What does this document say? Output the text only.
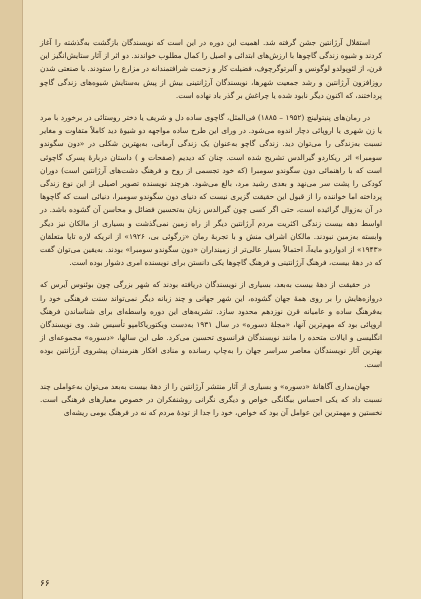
استقلال آرژانتین جشن گرفته شد. اهمیت این دوره در این است که نویسندگان بازگشت به‌گذشته را آغاز کردند و شیوه زندگی گاچوها با ارزش‌های ابتدائی و اصیل را کمال مطلوب خواندند. دو اثر از آثار ستایش‌انگیز این قرن، از لئوپولدو لوگونس و آلبرتوگرچوف، فضیلت کار و زحمت شرافتمندانه در مزارع را ستودند. با صنعتی شدن روزافزون آرژانتین و رشد جمعیت شهرها، نویسندگان آرژانتینی بیش از پیش به‌ستایش شیوه‌های زندگی گاچو پرداختند، که اکنون دیگر نابود شده یا چراغش بر گذر باد نهاده است.

در رمان‌های پنیتولینچ (۱۹۵۲ – ۱۸۸۵) فی‌المثل، گاچوی ساده دل و شریف یا دختر روستائی در برخورد با مرد یا زن شهری یا اروپائی دچار اندوه می‌شود. در ورای این طرح ساده مواجهه دو شیوهٔ دید کاملاً متفاوت و مغایر نسبت به‌زندگی را می‌توان دید. زندگی گاچو به‌عنوان یک زندگی آرمانی، به‌بهترین شکلی در «دون سگوندو سومبرا» اثر ریکاردو گیرالدس تشریح شده است. چنان که دیدیم (صفحات و ) داستان دربارهٔ پسرک گاچوئی است که با راهنمائی دون سگوندو سومبرا (که خود تجسمی از روح و فرهنگ دشت‌های آرژانتین است) دوران کودکی را پشت سر می‌نهد و بعدی رشید مرد، بالغ می‌شود. هرچند نویسنده تصویر اصیلی از این نوع زندگی پرداخته اما خواننده را از قبول این حقیقت گزیری نیست که دنیای دون سگوندو سومبرا، دنیائی است که گاچوها در آن به‌زوال گرائیده است، حتی اگر کسی چون گیرالدس زبان به‌تحسین فضائل و محاسن آن گشوده باشد. در اواسط دهه بیست زندگی اکثریت مردم آرژانتین دیگر از راه زمین نمی‌گذشت و بسیاری از مالکان نیز دیگر وابسته به‌زمین نبودند. مالکان اشراف منش و با تجربهٔ رمان «زرگوئی بی، ۱۹۲۶» از انریکه لاره تایا متعلقان «۱۹۴۳» از ادواردو مایه‌آ، احتمالاً بسیار عالی‌تر از زمینداران «دون سگوندو سومبرا» بودند. به‌یقین می‌توان گفت که در دههٔ بیست، فرهنگ آرژانتینی و فرهنگ گاچوها یکی دانستن برای نویسنده امری دشوار بوده است.

در حقیقت از دههٔ بیست به‌بعد، بسیاری از نویسندگان دریافته بودند که شهر بزرگی چون بوئنوس آیرس که دروازه‌هایش را بر روی همهٔ جهان گشوده، این شهر جهانی و چند زبانه دیگر نمی‌تواند سنت فرهنگی خود را به‌فرهنگ ساده و عامیانه قرن نوزدهم محدود سازد. تشریه‌های این دوره واسطه‌ای برای شناساندن فرهنگ اروپائی بود که مهم‌ترین آنها، «مجلهٔ دسوره» در سال ۱۹۳۱ به‌دست ویکتوریا‌کامپو تأسیس شد. وی نویسندگان انگلیسی و ایالات متحده را مانند نویسندگان فرانسوی تحسین می‌کرد. طی این سالها، «دسوره» مجموعه‌ای از بهترین آثار نویسندگان معاصر سراسر جهان را به‌چاپ رسانده و منادی افکار هنرمندان پیشروی آرژانتین بوده است.

جهان‌مداری آگاهانهٔ «دسوره» و بسیاری از آثار منتشر آرژانتین را از دههٔ بیست به‌بعد می‌توان به‌عواملی چند نسبت داد که یکی احساس بیگانگی خواص و دیگری نگرانی روشنفکران در خصوص معیارهای فرهنگی است. نخستین و مهمترین این عوامل آن بود که خواص، خود را جدا از تودهٔ مردم که نه در فرهنگ بومی ریشه‌ای

۶۶
